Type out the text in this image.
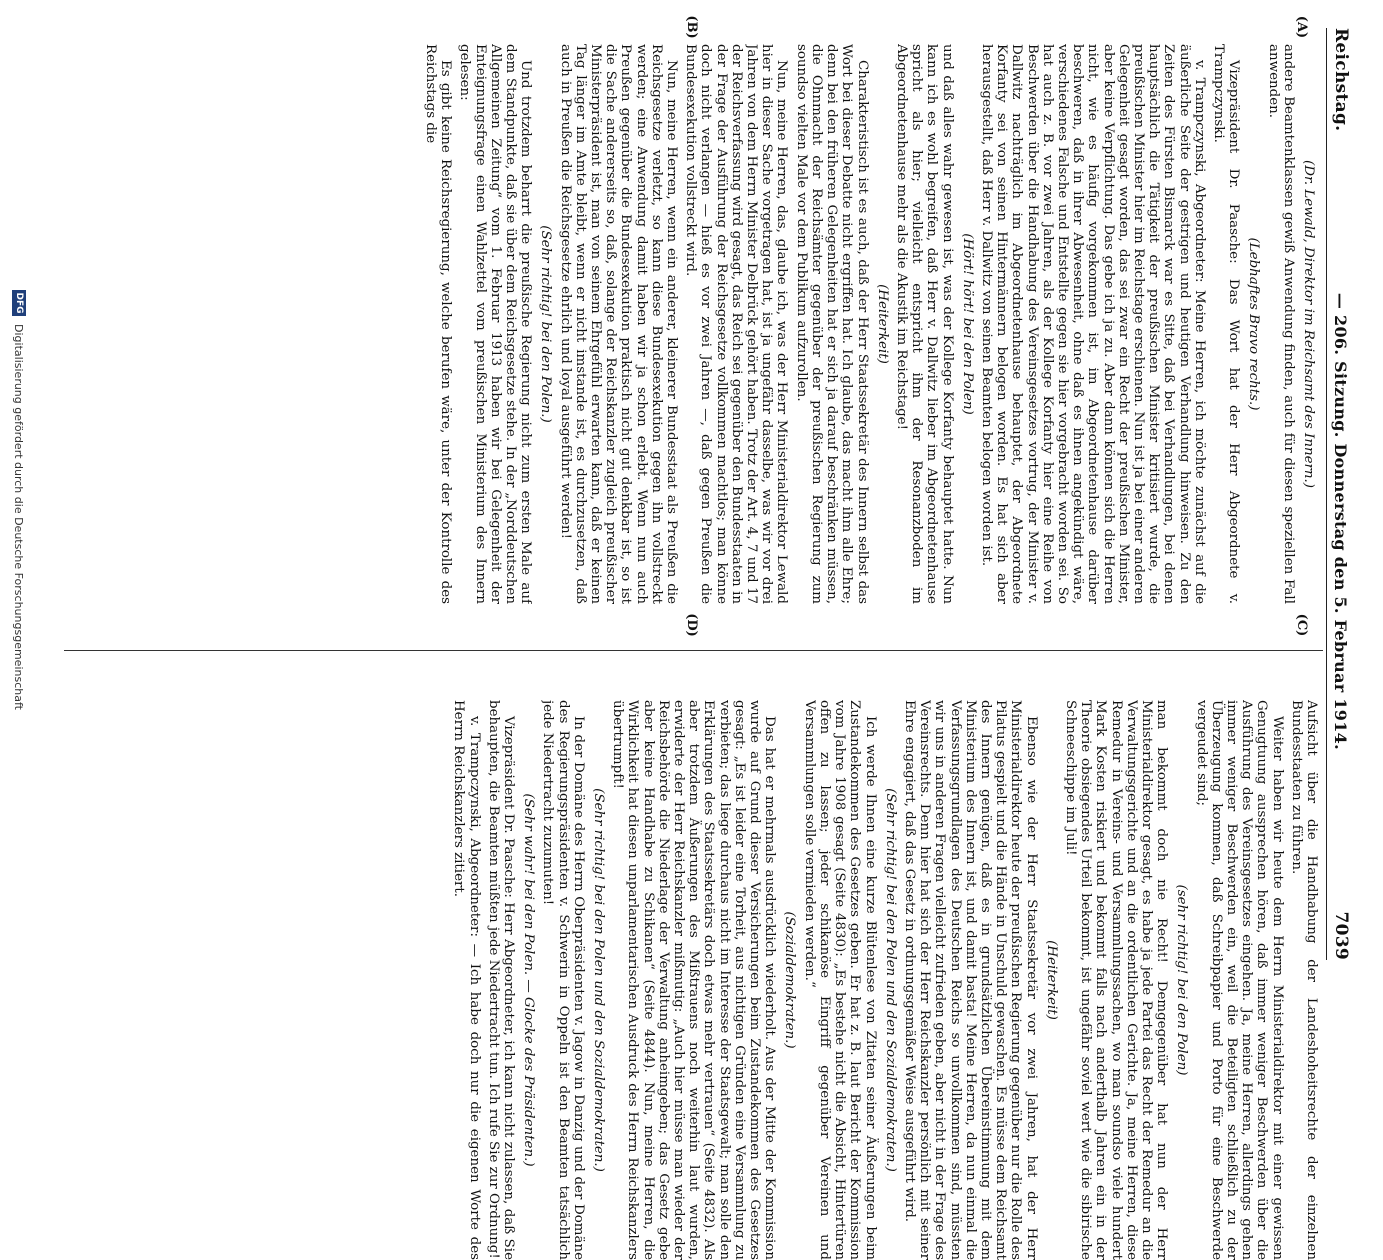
Reichstag.
— 206. Sitzung. Donnerstag den 5. Februar 1914.
7039
(A)
(B)
(C)
(D)

(Dr. Lewald, Direktor im Reichsamt des Innern.)

andere Beamtenklassen gewiß Anwendung finden, auch für diesen speziellen Fall anwenden.

(Lebhaftes Bravo rechts.)

Vizepräsident Dr. Paasche: Das Wort hat der Herr Abgeordnete v. Trampczynski.

v. Trampczynski, Abgeordneter: Meine Herren, ich möchte zunächst auf die äußerliche Seite der gestrigen und heutigen Verhandlung hinweisen. Zu den Zeiten des Fürsten Bismarck war es Sitte, daß bei Verhandlungen, bei denen hauptsächlich die Tätigkeit der preußischen Minister kritisiert wurde, die preußischen Minister hier im Reichstage erschienen. Nun ist ja bei einer anderen Gelegenheit gesagt worden, das sei zwar ein Recht der preußischen Minister, aber keine Verpflichtung. Das gebe ich ja zu. Aber dann können sich die Herren nicht, wie es häufig vorgekommen ist, im Abgeordnetenhause darüber beschweren, daß in ihrer Abwesenheit, ohne daß es ihnen angekündigt wäre, verschiedenes Falsche und Entstellte gegen sie hier vorgebracht worden sei. So hat auch z. B. vor zwei Jahren, als der Kollege Korfanty hier eine Reihe von Beschwerden über die Handhabung des Vereinsgesetzes vortrug, der Minister v. Dallwitz nachträglich im Abgeordnetenhause behauptet, der Abgeordnete Korfanty sei von seinen Hintermännern belogen worden. Es hat sich aber herausgestellt, daß Herr v. Dallwitz von seinen Beamten belogen worden ist.

(Hört! hört! bei den Polen)

und daß alles wahr gewesen ist, was der Kollege Korfanty behauptet hatte. Nun kann ich es wohl begreifen, daß Herr v. Dallwitz lieber im Abgeordnetenhause spricht als hier; vielleicht entspricht ihm der Resonanzboden im Abgeordnetenhause mehr als die Akustik im Reichstage!

(Heiterkeit)

Charakteristisch ist es auch, daß der Herr Staatssekretär des Innern selbst das Wort bei dieser Debatte nicht ergriffen hat. Ich glaube, das macht ihm alle Ehre; denn bei den früheren Gelegenheiten hat er sich ja darauf beschränken müssen, die Ohnmacht der Reichsämter gegenüber der preußischen Regierung zum soundso vielten Male vor dem Publikum aufzurollen.

Nun, meine Herren, das, glaube ich, was der Herr Ministerialdirektor Lewald hier in dieser Sache vorgetragen hat, ist ja ungefähr dasselbe, was wir vor drei Jahren von dem Herrn Minister Delbrück gehört haben. Trotz der Art. 4, 7 und 17 der Reichsverfassung wird gesagt, das Reich sei gegenüber den Bundesstaaten in der Frage der Ausführung der Reichsgesetze vollkommen machtlos; man könne doch nicht verlangen — hieß es vor zwei Jahren —, daß gegen Preußen die Bundesexekution vollstreckt wird.

Nun, meine Herren, wenn ein anderer, kleinerer Bundesstaat als Preußen die Reichsgesetze verletzt, so kann diese Bundesexekution gegen ihn vollstreckt werden; eine Anwendung damit haben wir ja schon erlebt. Wenn nun auch Preußen gegenüber die Bundesexekution praktisch nicht gut denkbar ist, so ist die Sache andererseits so, daß, solange der Reichskanzler zugleich preußischer Ministerpräsident ist, man von seinem Ehrgefühl erwarten kann, daß er keinen Tag länger im Amte bleibt, wenn er nicht imstande ist, es durchzusetzen, daß auch in Preußen die Reichsgesetze ehrlich und loyal ausgeführt werden!

(Sehr richtig! bei den Polen.)

Und trotzdem beharrt die preußische Regierung nicht zum ersten Male auf dem Standpunkte, daß sie über dem Reichsgesetze stehe. In der „Norddeutschen Allgemeinen Zeitung“ vom 1. Februar 1913 haben wir bei Gelegenheit der Enteignungsfrage einen Wahlzettel vom preußischen Ministerium des Innern gelesen:

Es gibt keine Reichsregierung, welche berufen wäre, unter der Kontrolle des Reichstags die

Aufsicht über die Handhabung der Landeshoheitsrechte der einzelnen Bundesstaaten zu führen.

Weiter haben wir heute dem Herrn Ministerialdirektor mit einer gewissen Genugtuung aussprechen hören, daß immer weniger Beschwerden über die Ausführung des Vereinsgesetzes eingehen. Ja, meine Herren, allerdings gehen immer weniger Beschwerden ein, weil die Beteiligten schließlich zu der Überzeugung kommen, daß Schreibpapier und Porto für eine Beschwerde vergeudet sind;

(sehr richtig! bei den Polen)

man bekommt doch nie Recht! Demgegenüber hat nun der Herr Ministerialdirektor gesagt, es habe ja jede Partei das Recht der Remedur an die Verwaltungsgerichte und an die ordentlichen Gerichte. Ja, meine Herren, diese Remedur in Vereins- und Versammlungssachen, wo man soundso viele hundert Mark Kosten riskiert und bekommt falls nach anderthalb Jahren ein in der Theorie obsiegendes Urteil bekommt, ist ungefähr soviel wert wie die sibirische Schneeschippe im Juli!

(Heiterkeit)

Ebenso wie der Herr Staatssekretär vor zwei Jahren, hat der Herr Ministerialdirektor heute der preußischen Regierung gegenüber nur die Rolle des Pilatus gespielt und die Hände in Unschuld gewaschen. Es müsse dem Reichsamt des Innern genügen, daß es in grundsätzlichen Übereinstimmung mit dem Ministerium des Innern ist, und damit basta! Meine Herren, da nun einmal die Verfassungsgrundlagen des Deutschen Reichs so unvollkommen sind, müssten wir uns in anderen Fragen vielleicht zufrieden geben, aber nicht in der Frage des Vereinsrechts. Denn hier hat sich der Herr Reichskanzler persönlich mit seiner Ehre engagiert, daß das Gesetz in ordnungsgemäßer Weise ausgeführt wird.

(Sehr richtig! bei den Polen und den Sozialdemokraten.)

Ich werde Ihnen eine kurze Blütenlese von Zitaten seiner Äußerungen beim Zustandekommen des Gesetzes geben. Er hat z. B. laut Bericht der Kommission vom Jahre 1908 gesagt (Seite 4830): „Es bestehe nicht die Absicht, Hintertüren offen zu lassen; jeder schikanöse Eingriff gegenüber Vereinen und Versammlungen solle vermieden werden.“

(Sozialdemokraten.)

Das hat er mehrmals ausdrücklich wiederholt. Aus der Mitte der Kommission wurde auf Grund dieser Versicherungen beim Zustandekommen des Gesetzes gesagt: „Es ist leider eine Torheit, aus nichtigen Gründen eine Versammlung zu verbieten; das liege durchaus nicht im Interesse der Staatsgewalt; man solle den Erklärungen des Staatssekretärs doch etwas mehr vertrauen“ (Seite 4832). Als aber trotzdem Äußerungen des Mißtrauens noch weiterhin laut wurden, erwiderte der Herr Reichskanzler mißmutig: „Auch hier müsse man wieder der Reichsbehörde die Niederlage der Verwaltung anheimgeben; das Gesetz gebe aber keine Handhabe zu Schikanen“ (Seite 4844). Nun, meine Herren, die Wirklichkeit hat diesen unparlamentarischen Ausdruck des Herrn Reichskanzlers übertrumpft!

(Sehr richtig! bei den Polen und den Sozialdemokraten.)

In der Domäne des Herrn Oberpräsidenten v. Jagow in Danzig und der Domäne des Regierungspräsidenten v. Schwerin in Oppeln ist den Beamten tatsächlich jede Niedertracht zuzumuten!

(Sehr wahr! bei den Polen. — Glocke des Präsidenten.)

Vizepräsident Dr. Paasche: Herr Abgeordneter, ich kann nicht zulassen, daß Sie behaupten, die Beamten müßten jede Niedertracht tun. Ich rufe Sie zur Ordnung!

v. Trampczynski, Abgeordneter: — Ich habe doch nur die eigenen Worte des Herrn Reichskanzlers zitiert.

DFG
Digitalisierung gefördert durch die Deutsche Forschungsgemeinschaft
